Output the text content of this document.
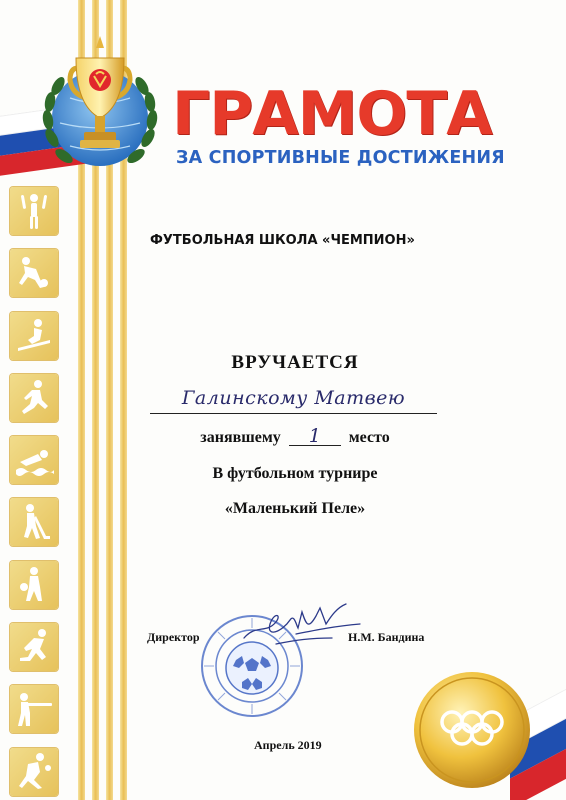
ГРАМОТА
ЗА СПОРТИВНЫЕ ДОСТИЖЕНИЯ
ФУТБОЛЬНАЯ ШКОЛА «ЧЕМПИОН»
ВРУЧАЕТСЯ
Галинскому Матвею
занявшему 1 место
В футбольном турнире
«Маленький Пеле»
Директор	Н.М. Бандина
Апрель 2019
